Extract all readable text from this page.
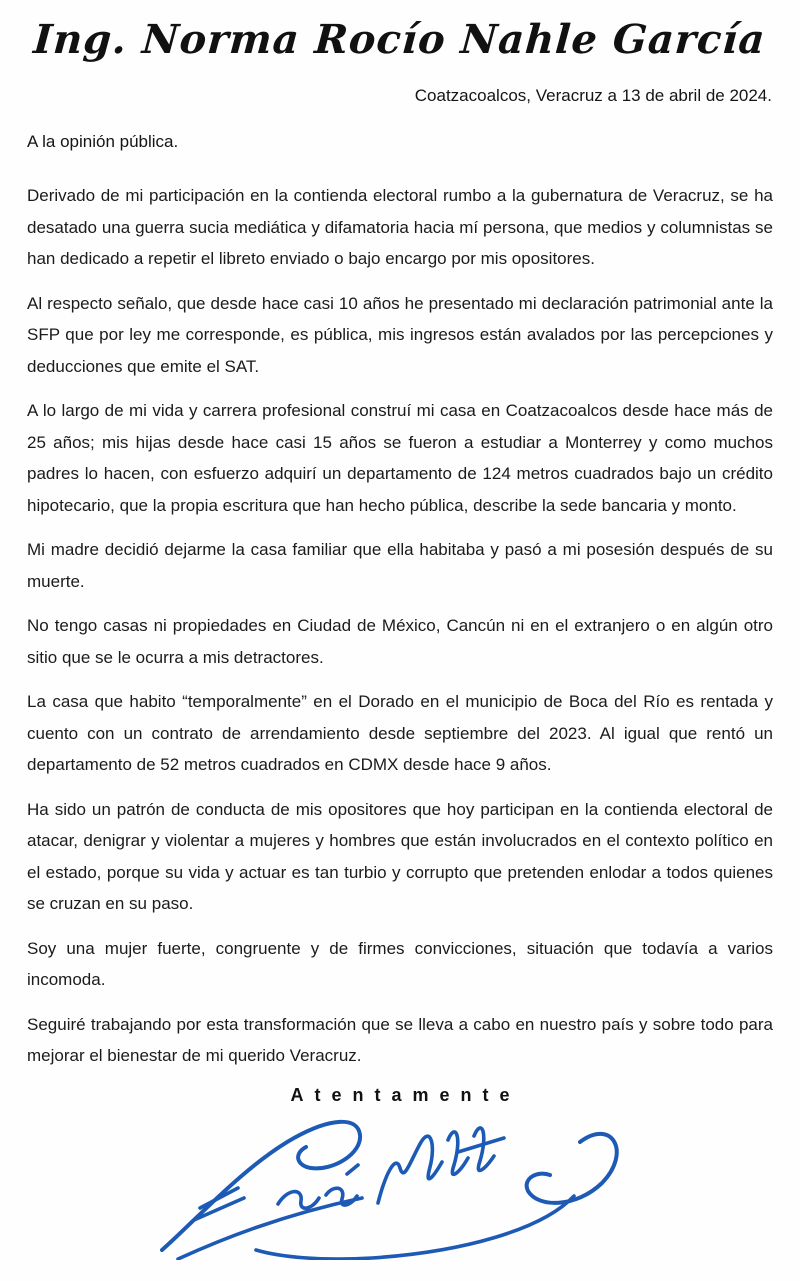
Ing. Norma Rocío Nahle García
Coatzacoalcos, Veracruz a 13 de abril de 2024.
A la opinión pública.

Derivado de mi participación en la contienda electoral rumbo a la gubernatura de Veracruz, se ha desatado una guerra sucia mediática y difamatoria hacia mí persona, que medios y columnistas se han dedicado a repetir el libreto enviado o bajo encargo por mis opositores.

Al respecto señalo, que desde hace casi 10 años he presentado mi declaración patrimonial ante la SFP que por ley me corresponde, es pública, mis ingresos están avalados por las percepciones y deducciones que emite el SAT.

A lo largo de mi vida y carrera profesional construí mi casa en Coatzacoalcos desde hace más de 25 años; mis hijas desde hace casi 15 años se fueron a estudiar a Monterrey y como muchos padres lo hacen, con esfuerzo adquirí un departamento de 124 metros cuadrados bajo un crédito hipotecario, que la propia escritura que han hecho pública, describe la sede bancaria y monto.

Mi madre decidió dejarme la casa familiar que ella habitaba y pasó a mi posesión después de su muerte.

No tengo casas ni propiedades en Ciudad de México, Cancún ni en el extranjero o en algún otro sitio que se le ocurra a mis detractores.

La casa que habito “temporalmente” en el Dorado en el municipio de Boca del Río es rentada y cuento con un contrato de arrendamiento desde septiembre del 2023. Al igual que rentó un departamento de 52 metros cuadrados en CDMX desde hace 9 años.

Ha sido un patrón de conducta de mis opositores que hoy participan en la contienda electoral de atacar, denigrar y violentar a mujeres y hombres que están involucrados en el contexto político en el estado, porque su vida y actuar es tan turbio y corrupto que pretenden enlodar a todos quienes se cruzan en su paso.

Soy una mujer fuerte, congruente y de firmes convicciones, situación que todavía a varios incomoda.

Seguiré trabajando por esta transformación que se lleva a cabo en nuestro país y sobre todo para mejorar el bienestar de mi querido Veracruz.

Atentamente
